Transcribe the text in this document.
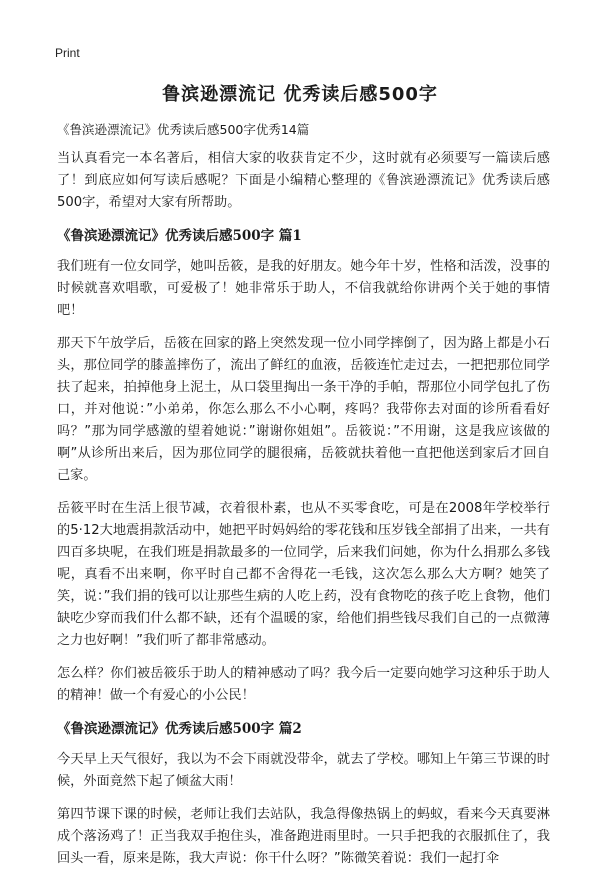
Print
鲁滨逊漂流记 优秀读后感500字
《鲁滨逊漂流记》优秀读后感500字优秀14篇

当认真看完一本名著后，相信大家的收获肯定不少，这时就有必须要写一篇读后感了！到底应如何写读后感呢？下面是小编精心整理的《鲁滨逊漂流记》优秀读后感500字，希望对大家有所帮助。

《鲁滨逊漂流记》优秀读后感500字 篇1

我们班有一位女同学，她叫岳筱，是我的好朋友。她今年十岁，性格和活泼，没事的时候就喜欢唱歌，可爱极了！她非常乐于助人，不信我就给你讲两个关于她的事情吧！

那天下午放学后，岳筱在回家的路上突然发现一位小同学摔倒了，因为路上都是小石头，那位同学的膝盖摔伤了，流出了鲜红的血液，岳筱连忙走过去，一把把那位同学扶了起来，拍掉他身上泥土，从口袋里掏出一条干净的手帕，帮那位小同学包扎了伤口，并对他说：”小弟弟，你怎么那么不小心啊，疼吗？我带你去对面的诊所看看好吗？”那为同学感激的望着她说：”谢谢你姐姐”。岳筱说：”不用谢，这是我应该做的啊”从诊所出来后，因为那位同学的腿很痛，岳筱就扶着他一直把他送到家后才回自己家。

岳筱平时在生活上很节减，衣着很朴素，也从不买零食吃，可是在2008年学校举行的5·12大地震捐款活动中，她把平时妈妈给的零花钱和压岁钱全部捐了出来，一共有四百多块呢，在我们班是捐款最多的一位同学，后来我们问她，你为什么捐那么多钱呢，真看不出来啊，你平时自己都不舍得花一毛钱，这次怎么那么大方啊？她笑了笑，说：”我们捐的钱可以让那些生病的人吃上药，没有食物吃的孩子吃上食物，他们缺吃少穿而我们什么都不缺，还有个温暖的家，给他们捐些钱尽我们自己的一点微薄之力也好啊！”我们听了都非常感动。

怎么样？你们被岳筱乐于助人的精神感动了吗？我今后一定要向她学习这种乐于助人的精神！做一个有爱心的小公民！

《鲁滨逊漂流记》优秀读后感500字 篇2

今天早上天气很好，我以为不会下雨就没带伞，就去了学校。哪知上午第三节课的时候，外面竟然下起了倾盆大雨！

第四节课下课的时候，老师让我们去站队，我急得像热锅上的蚂蚁，看来今天真要淋成个落汤鸡了！正当我双手抱住头，准备跑进雨里时。一只手把我的衣服抓住了，我回头一看，原来是陈，我大声说：你干什么呀？”陈微笑着说：我们一起打伞
